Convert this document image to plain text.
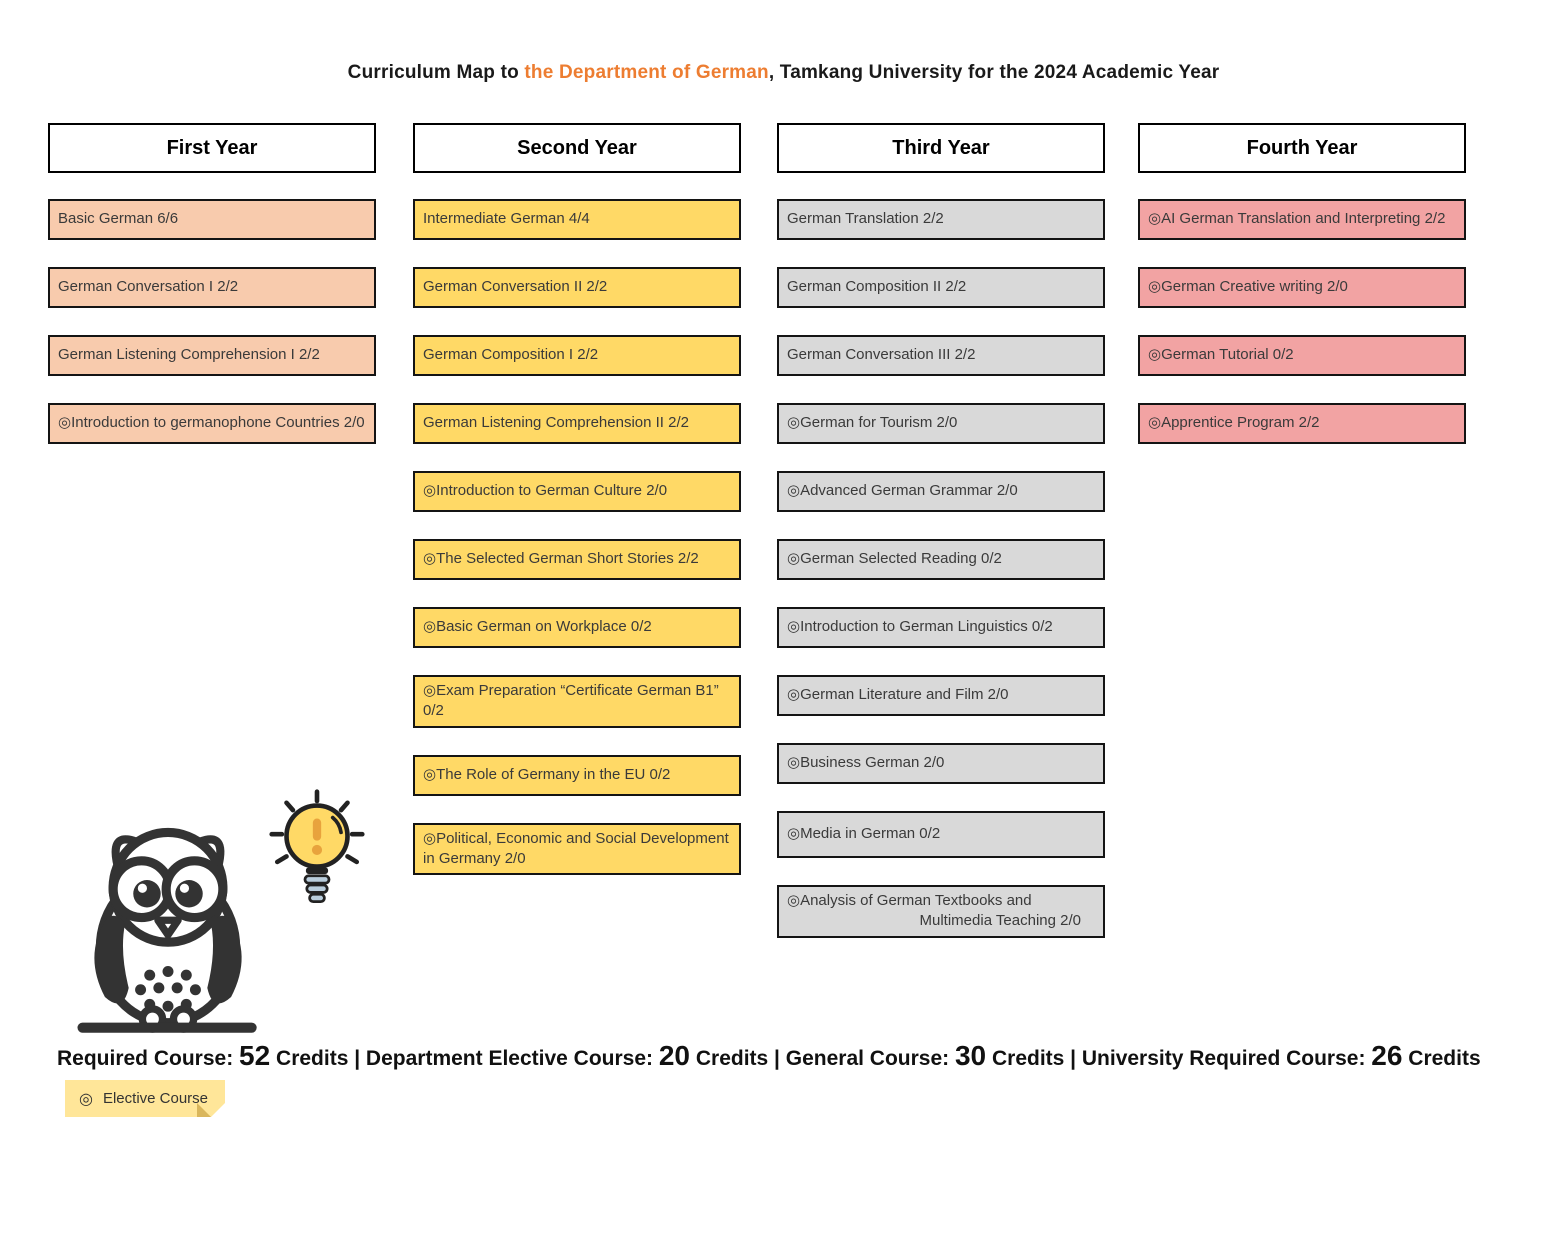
Curriculum Map to the Department of German, Tamkang University for the 2024 Academic Year
First Year
Basic German 6/6
German Conversation I 2/2
German Listening Comprehension I 2/2
◎Introduction to germanophone Countries 2/0
Second Year
Intermediate German 4/4
German Conversation II 2/2
German Composition I 2/2
German Listening Comprehension II 2/2
◎Introduction to German Culture 2/0
◎The Selected German Short Stories 2/2
◎Basic German on Workplace 0/2
◎Exam Preparation “Certificate German B1” 0/2
◎The Role of Germany in the EU 0/2
◎Political, Economic and Social Development
in Germany 2/0
Third Year
German Translation 2/2
German Composition II 2/2
German Conversation III 2/2
◎German for Tourism 2/0
◎Advanced German Grammar 2/0
◎German Selected Reading 0/2
◎Introduction to German Linguistics 0/2
◎German Literature and Film 2/0
◎Business German 2/0
◎Media in German 0/2
◎Analysis of German Textbooks and
Multimedia Teaching 2/0
Fourth Year
◎AI German Translation and Interpreting 2/2
◎German Creative writing 2/0
◎German Tutorial 0/2
◎Apprentice Program 2/2
Required Course: 52 Credits | Department Elective Course: 20 Credits | General Course: 30 Credits | University Required Course: 26 Credits
◎ Elective Course
